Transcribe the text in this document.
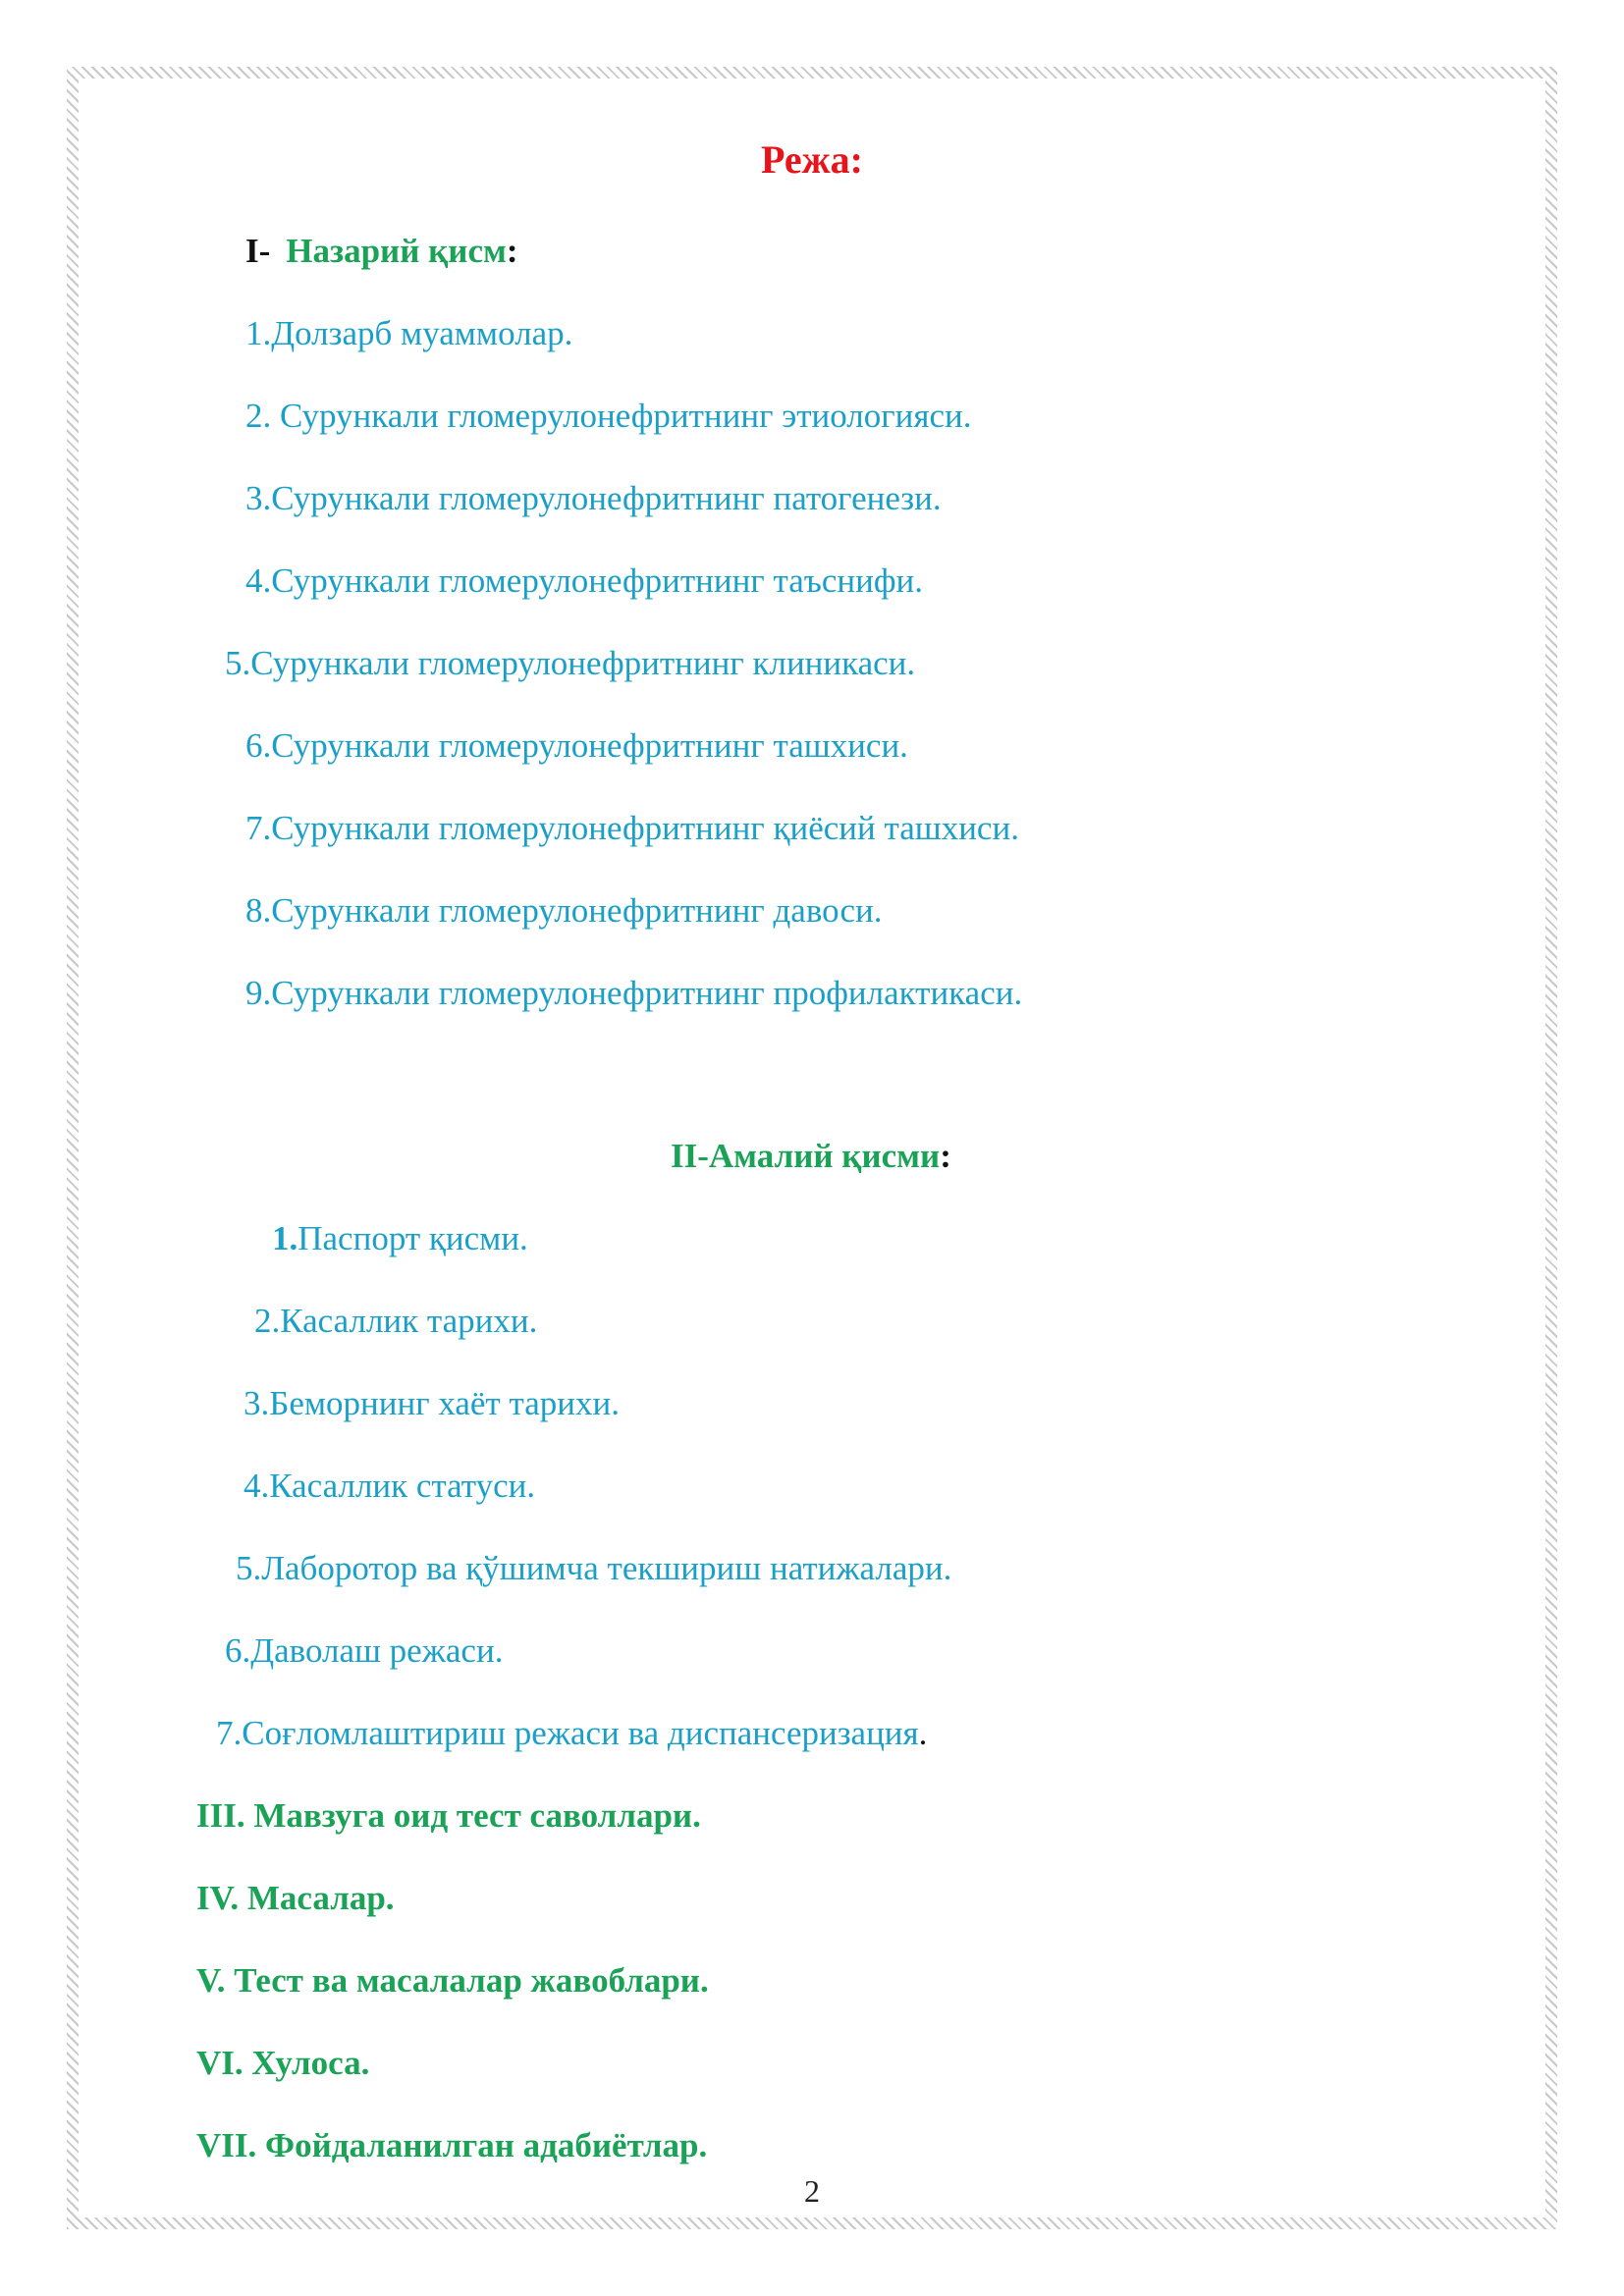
Режа:
I- Назарий қисм:
1.Долзарб муаммолар.
2. Сурункали гломерулонефритнинг этиологияси.
3.Сурункали гломерулонефритнинг патогенези.
4.Сурункали гломерулонефритнинг таъснифи.
5.Сурункали гломерулонефритнинг клиникаси.
6.Сурункали гломерулонефритнинг ташхиси.
7.Сурункали гломерулонефритнинг қиёсий ташхиси.
8.Сурункали гломерулонефритнинг давоси.
9.Сурункали гломерулонефритнинг профилактикаси.
II-Амалий қисми:
1.Паспорт қисми.
2.Касаллик тарихи.
3.Беморнинг хаёт тарихи.
4.Касаллик статуси.
5.Лаборотор ва қўшимча текшириш натижалари.
6.Даволаш режаси.
7.Соғломлаштириш режаси ва диспансеризация.
III. Мавзуга оид тест саволлари.
IV. Масалар.
V. Тест ва масалалар жавоблари.
VI. Хулоса.
VII. Фойдаланилган адабиётлар.
2
